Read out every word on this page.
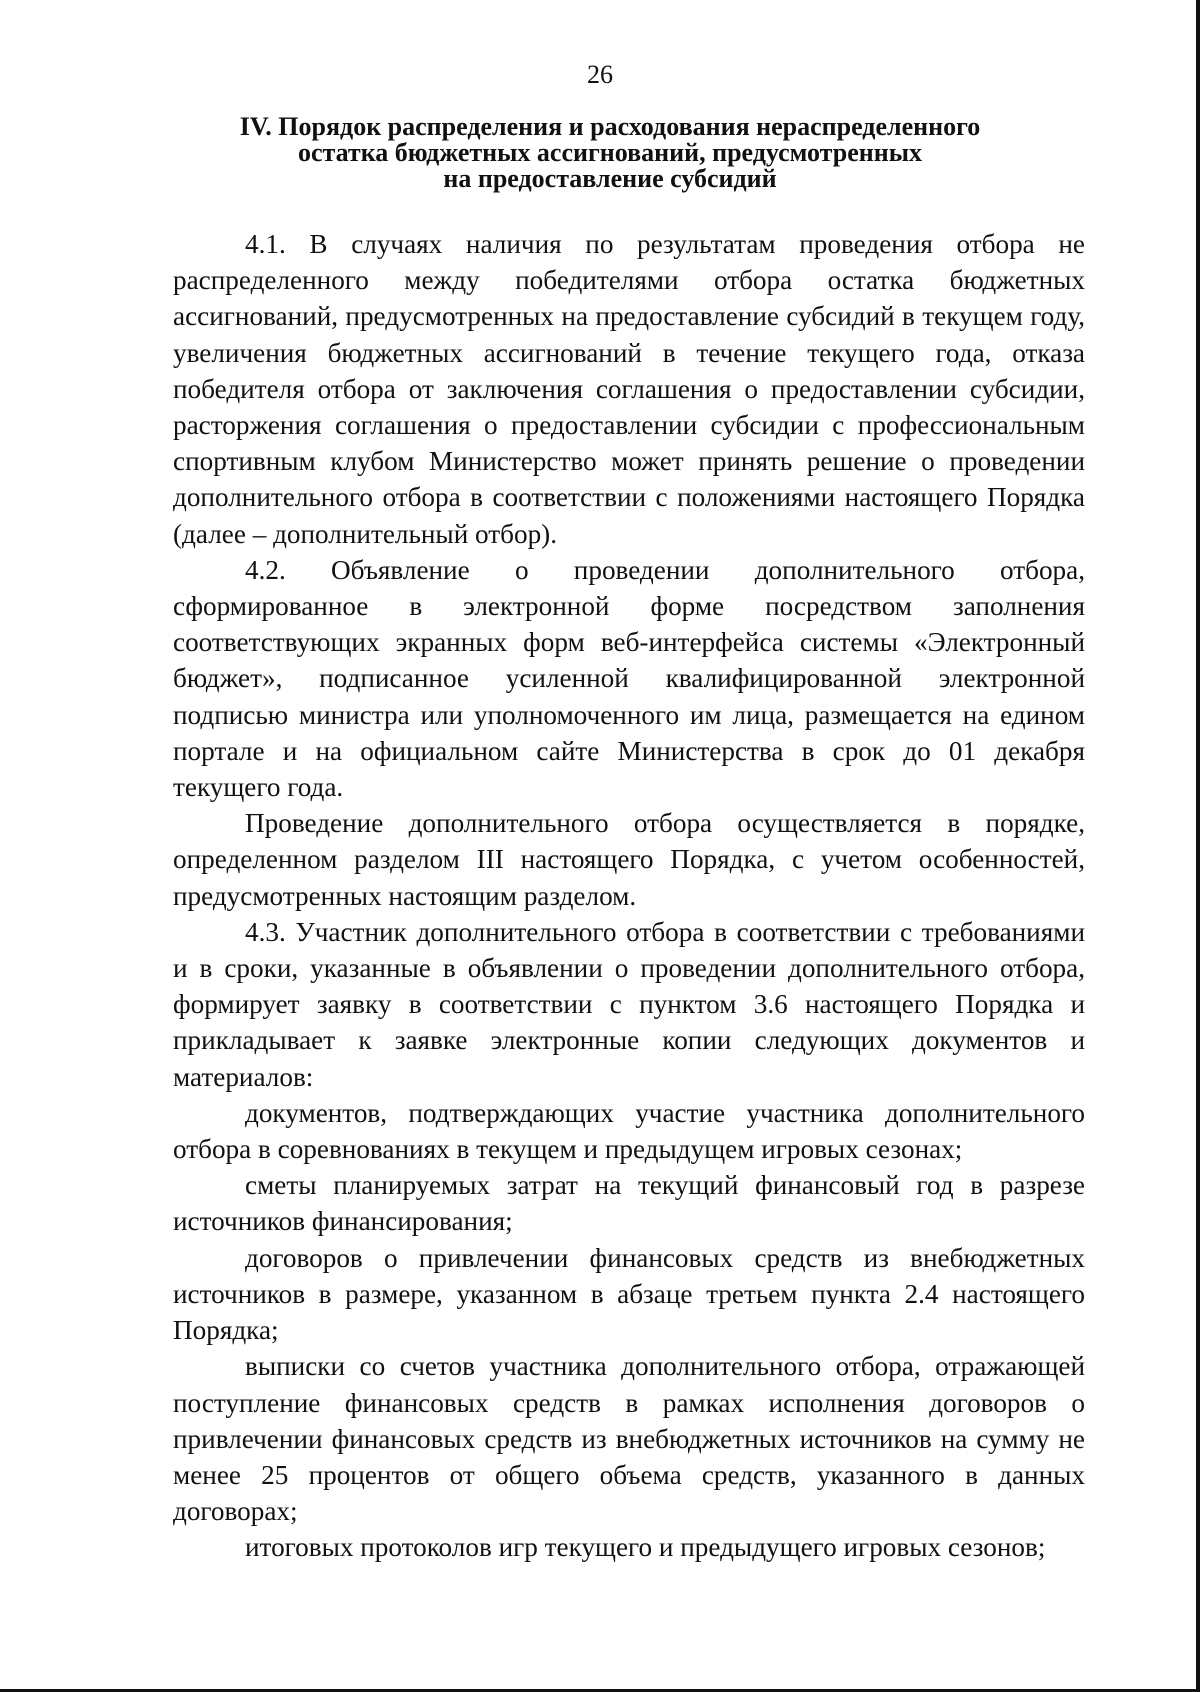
26
IV. Порядок распределения и расходования нераспределенного
остатка бюджетных ассигнований, предусмотренных
на предоставление субсидий

4.1. В случаях наличия по результатам проведения отбора не распределенного между победителями отбора остатка бюджетных ассигнований, предусмотренных на предоставление субсидий в текущем году, увеличения бюджетных ассигнований в течение текущего года, отказа победителя отбора от заключения соглашения о предоставлении субсидии, расторжения соглашения о предоставлении субсидии с профессиональным спортивным клубом Министерство может принять решение о проведении дополнительного отбора в соответствии с положениями настоящего Порядка (далее – дополнительный отбор).

4.2. Объявление о проведении дополнительного отбора, сформированное в электронной форме посредством заполнения соответствующих экранных форм веб-интерфейса системы «Электронный бюджет», подписанное усиленной квалифицированной электронной подписью министра или уполномоченного им лица, размещается на едином портале и на официальном сайте Министерства в срок до 01 декабря текущего года.

Проведение дополнительного отбора осуществляется в порядке, определенном разделом III настоящего Порядка, с учетом особенностей, предусмотренных настоящим разделом.

4.3. Участник дополнительного отбора в соответствии с требованиями и в сроки, указанные в объявлении о проведении дополнительного отбора, формирует заявку в соответствии с пунктом 3.6 настоящего Порядка и прикладывает к заявке электронные копии следующих документов и материалов:

документов, подтверждающих участие участника дополнительного отбора в соревнованиях в текущем и предыдущем игровых сезонах;

сметы планируемых затрат на текущий финансовый год в разрезе источников финансирования;

договоров о привлечении финансовых средств из внебюджетных источников в размере, указанном в абзаце третьем пункта 2.4 настоящего Порядка;

выписки со счетов участника дополнительного отбора, отражающей поступление финансовых средств в рамках исполнения договоров о привлечении финансовых средств из внебюджетных источников на сумму не менее 25 процентов от общего объема средств, указанного в данных договорах;

итоговых протоколов игр текущего и предыдущего игровых сезонов;
